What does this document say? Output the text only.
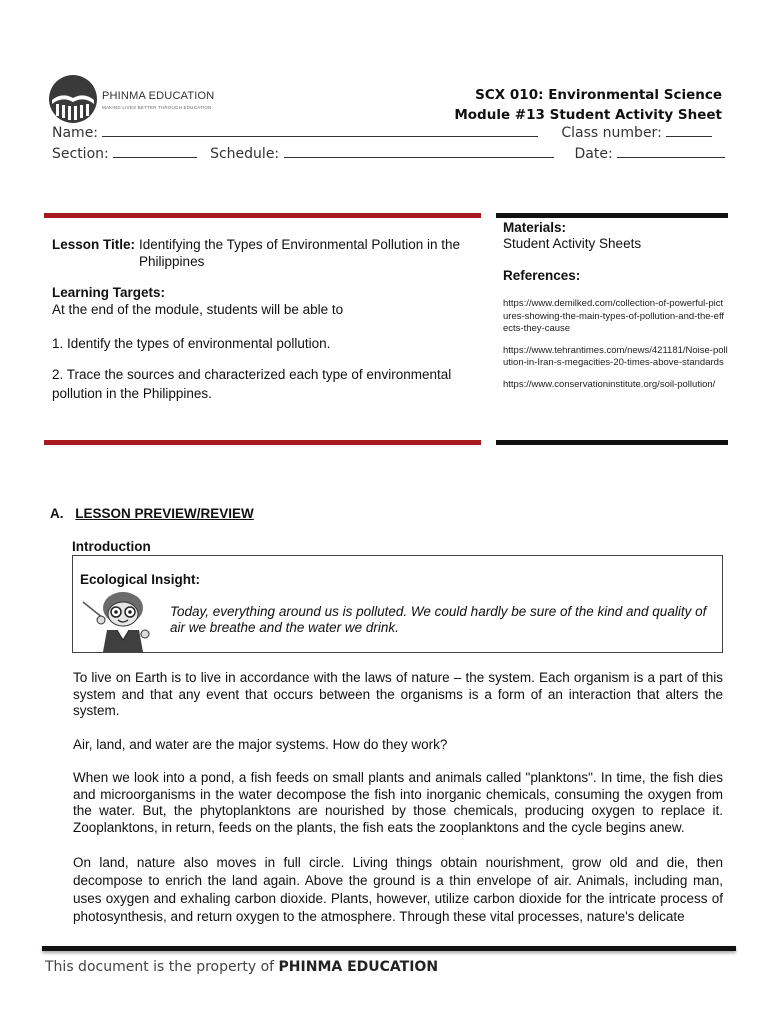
PHINMA EDUCATION
MAKING LIVES BETTER THROUGH EDUCATION
SCX 010: Environmental Science
Module #13 Student Activity Sheet
Name:	Class number:
Section:	Schedule:	Date:
Lesson Title: Identifying the Types of Environmental Pollution in the Philippines
Learning Targets:
At the end of the module, students will be able to
1. Identify the types of environmental pollution.
2. Trace the sources and characterized each type of environmental pollution in the Philippines.
Materials:
Student Activity Sheets
References:
https://www.demilked.com/collection-of-powerful-pictures-showing-the-main-types-of-pollution-and-the-effects-they-cause
https://www.tehrantimes.com/news/421181/Noise-pollution-in-Iran-s-megacities-20-times-above-standards
https://www.conservationinstitute.org/soil-pollution/
A. LESSON PREVIEW/REVIEW
Introduction
Ecological Insight:
Today, everything around us is polluted. We could hardly be sure of the kind and quality of air we breathe and the water we drink.
To live on Earth is to live in accordance with the laws of nature – the system. Each organism is a part of this system and that any event that occurs between the organisms is a form of an interaction that alters the system.
Air, land, and water are the major systems. How do they work?
When we look into a pond, a fish feeds on small plants and animals called "planktons". In time, the fish dies and microorganisms in the water decompose the fish into inorganic chemicals, consuming the oxygen from the water. But, the phytoplanktons are nourished by those chemicals, producing oxygen to replace it. Zooplanktons, in return, feeds on the plants, the fish eats the zooplanktons and the cycle begins anew.
On land, nature also moves in full circle. Living things obtain nourishment, grow old and die, then decompose to enrich the land again. Above the ground is a thin envelope of air. Animals, including man, uses oxygen and exhaling carbon dioxide. Plants, however, utilize carbon dioxide for the intricate process of photosynthesis, and return oxygen to the atmosphere. Through these vital processes, nature's delicate
This document is the property of PHINMA EDUCATION
